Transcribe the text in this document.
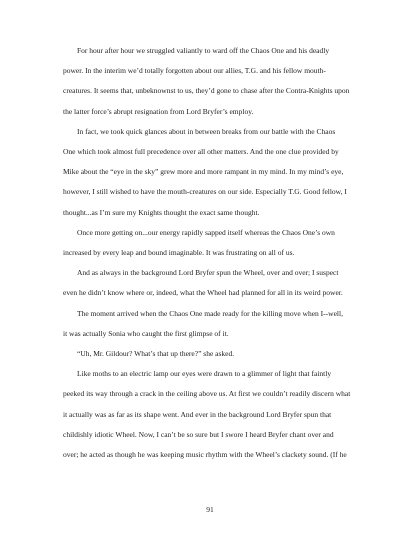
For hour after hour we struggled valiantly to ward off the Chaos One and his deadly
power. In the interim we’d totally forgotten about our allies, T.G. and his fellow mouth-
creatures. It seems that, unbeknownst to us, they’d gone to chase after the Contra-Knights upon
the latter force’s abrupt resignation from Lord Bryfer’s employ.
In fact, we took quick glances about in between breaks from our battle with the Chaos
One which took almost full precedence over all other matters. And the one clue provided by
Mike about the “eye in the sky” grew more and more rampant in my mind. In my mind’s eye,
however, I still wished to have the mouth-creatures on our side. Especially T.G. Good fellow, I
thought...as I’m sure my Knights thought the exact same thought.
Once more getting on...our energy rapidly sapped itself whereas the Chaos One’s own
increased by every leap and bound imaginable. It was frustrating on all of us.
And as always in the background Lord Bryfer spun the Wheel, over and over; I suspect
even he didn’t know where or, indeed, what the Wheel had planned for all in its weird power.
The moment arrived when the Chaos One made ready for the killing move when I--well,
it was actually Sonia who caught the first glimpse of it.
“Uh, Mr. Gildour? What’s that up there?” she asked.
Like moths to an electric lamp our eyes were drawn to a glimmer of light that faintly
peeked its way through a crack in the ceiling above us. At first we couldn’t readily discern what
it actually was as far as its shape went. And ever in the background Lord Bryfer spun that
childishly idiotic Wheel. Now, I can’t be so sure but I swore I heard Bryfer chant over and
over; he acted as though he was keeping music rhythm with the Wheel’s clackety sound. (If he
91
